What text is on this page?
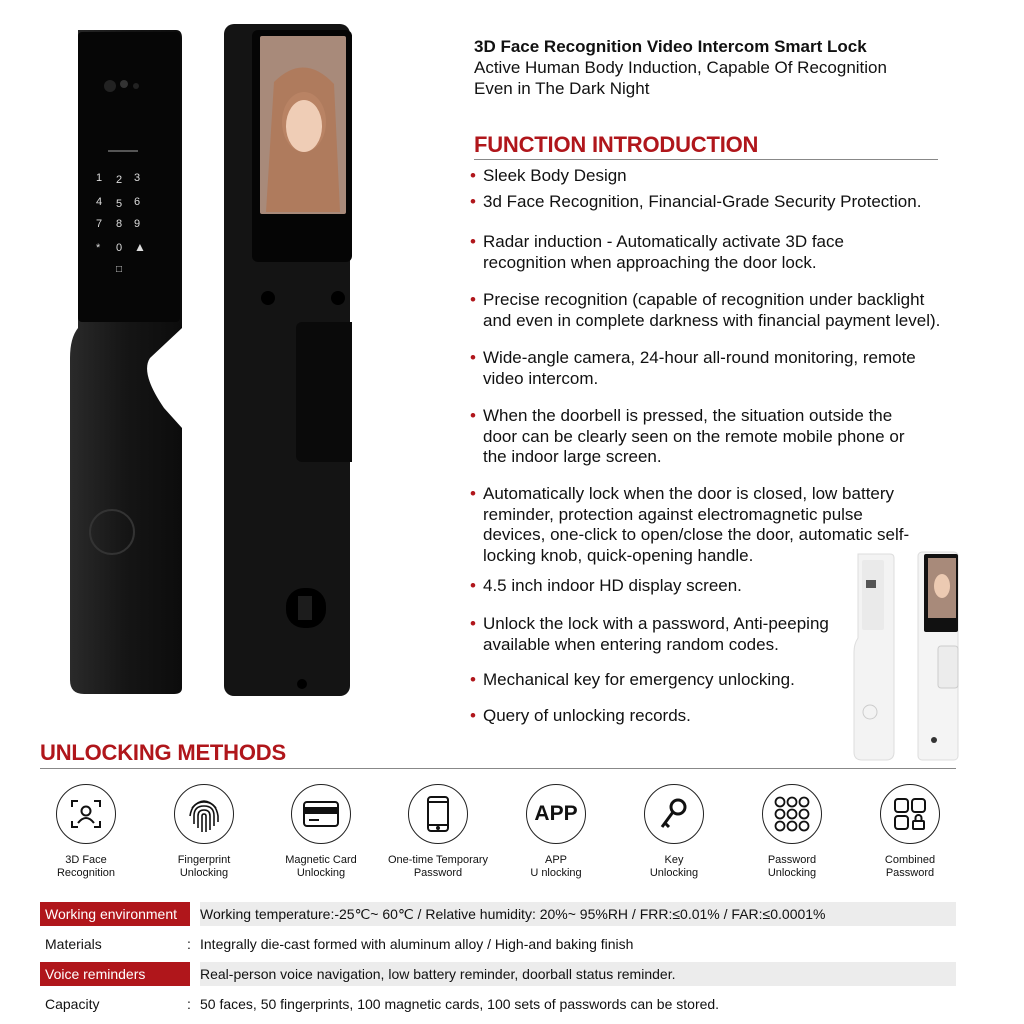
1 2 3
4 5 6
7 8 9
* 0 ▲
□
3D Face Recognition Video Intercom Smart Lock
Active Human Body Induction, Capable Of Recognition
Even in The Dark Night
FUNCTION INTRODUCTION
• Sleek Body Design
• 3d Face Recognition, Financial-Grade Security Protection.
• Radar induction - Automatically activate 3D face
recognition when approaching the door lock.
• Precise recognition (capable of recognition under backlight
and even in complete darkness with financial payment level).
• Wide-angle camera, 24-hour all-round monitoring, remote
video intercom.
• When the doorbell is pressed, the situation outside the
door can be clearly seen on the remote mobile phone or
the indoor large screen.
• Automatically lock when the door is closed, low battery
reminder, protection against electromagnetic pulse
devices, one-click to open/close the door, automatic self-
locking knob, quick-opening handle.
• 4.5 inch indoor HD display screen.
• Unlock the lock with a password, Anti-peeping
available when entering random codes.
• Mechanical key for emergency unlocking.
• Query of unlocking records.
UNLOCKING METHODS
3D Face
Recognition
Fingerprint
Unlocking
Magnetic Card
Unlocking
One-time Temporary
Password
APP
APP
U nlocking
Key
Unlocking
Password
Unlocking
Combined
Password
Working environment	Working temperature:-25℃~ 60℃ / Relative humidity: 20%~ 95%RH / FRR:≤0.01% / FAR:≤0.0001%
Materials	: Integrally die-cast formed with aluminum alloy / High-and baking finish
Voice reminders	Real-person voice navigation, low battery reminder, doorball status reminder.
Capacity	: 50 faces, 50 fingerprints, 100 magnetic cards, 100 sets of passwords can be stored.
